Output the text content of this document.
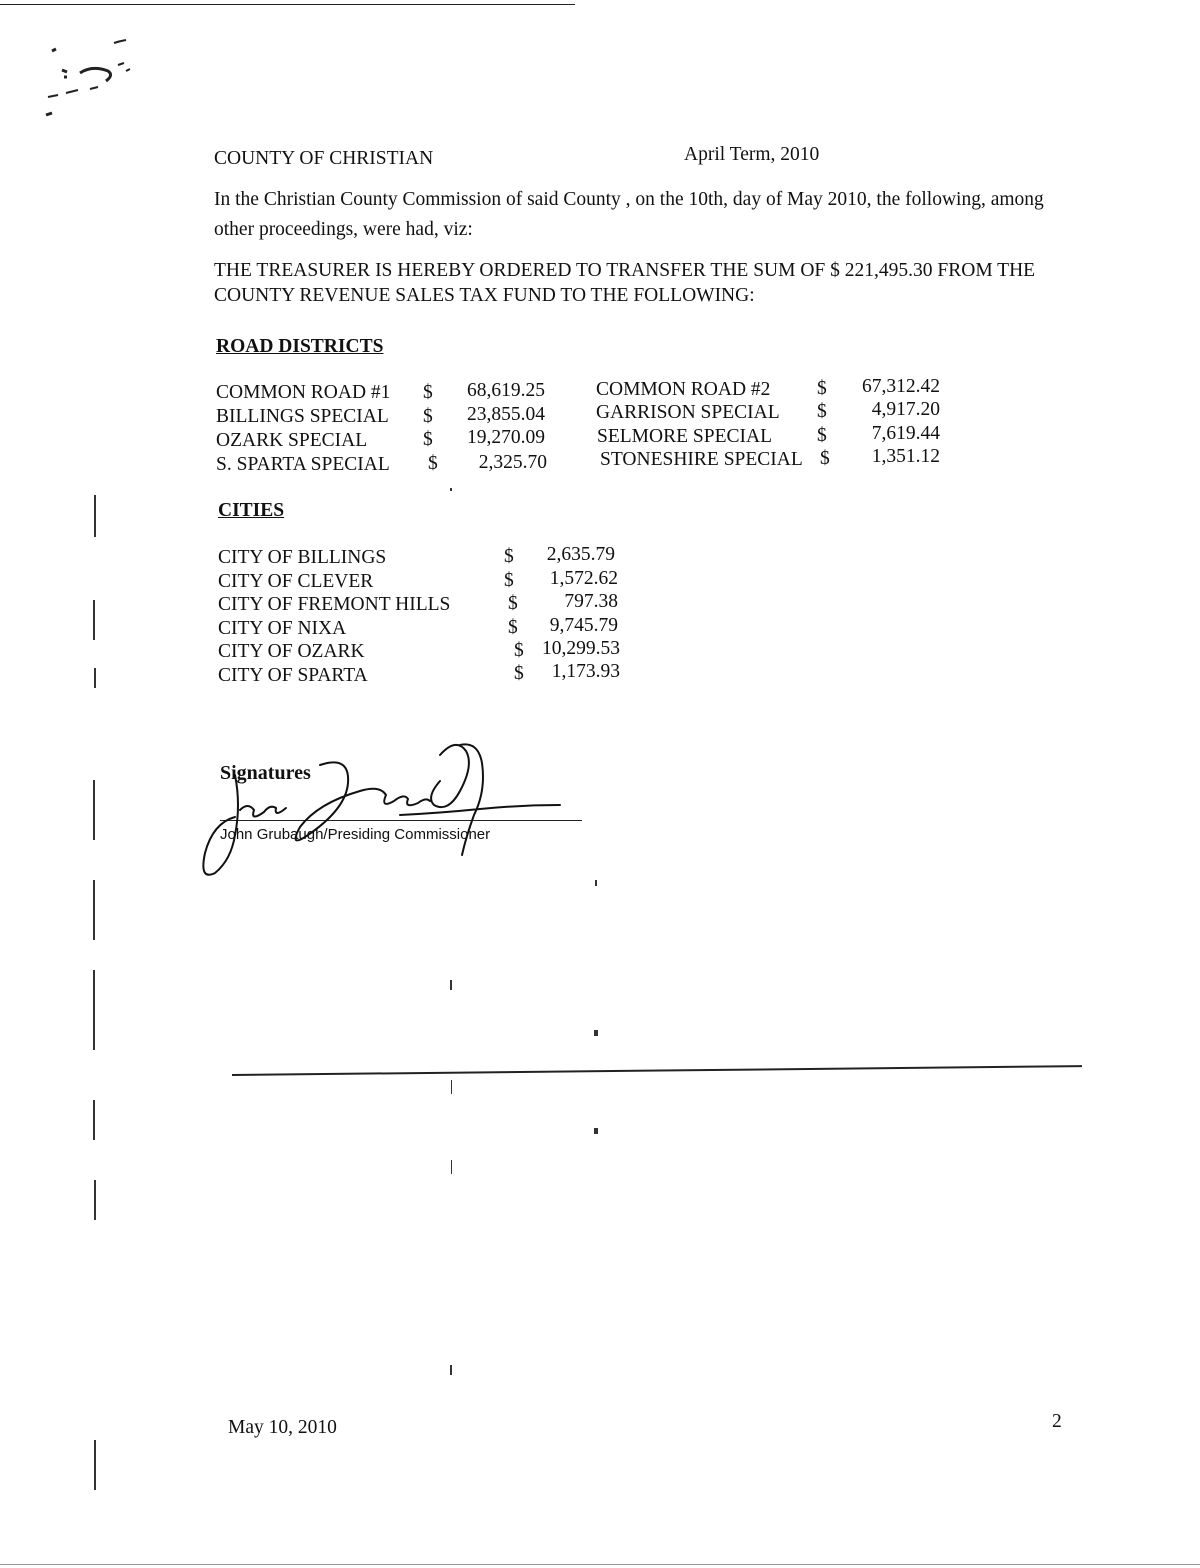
COUNTY OF CHRISTIAN	April Term, 2010
In the Christian County Commission of said County , on the 10th, day of May 2010, the following, among
other proceedings, were had, viz:
THE TREASURER IS HEREBY ORDERED TO TRANSFER THE SUM OF $ 221,495.30 FROM THE
COUNTY REVENUE SALES TAX FUND TO THE FOLLOWING:
ROAD DISTRICTS
COMMON ROAD #1 $	68,619.25
BILLINGS SPECIAL $	23,855.04
OZARK SPECIAL	$	19,270.09
S. SPARTA SPECIAL $	2,325.70
COMMON ROAD #2 $	67,312.42
GARRISON SPECIAL $	4,917.20
SELMORE SPECIAL $	7,619.44
STONESHIRE SPECIAL $	1,351.12
CITIES
CITY OF BILLINGS	$	2,635.79
CITY OF CLEVER	$	1,572.62
CITY OF FREMONT HILLS	$	797.38
CITY OF NIXA	$	9,745.79
CITY OF OZARK	$ 10,299.53
CITY OF SPARTA	$	1,173.93
Signatures
John Grubaugh/Presiding Commissioner
May 10, 2010	2
